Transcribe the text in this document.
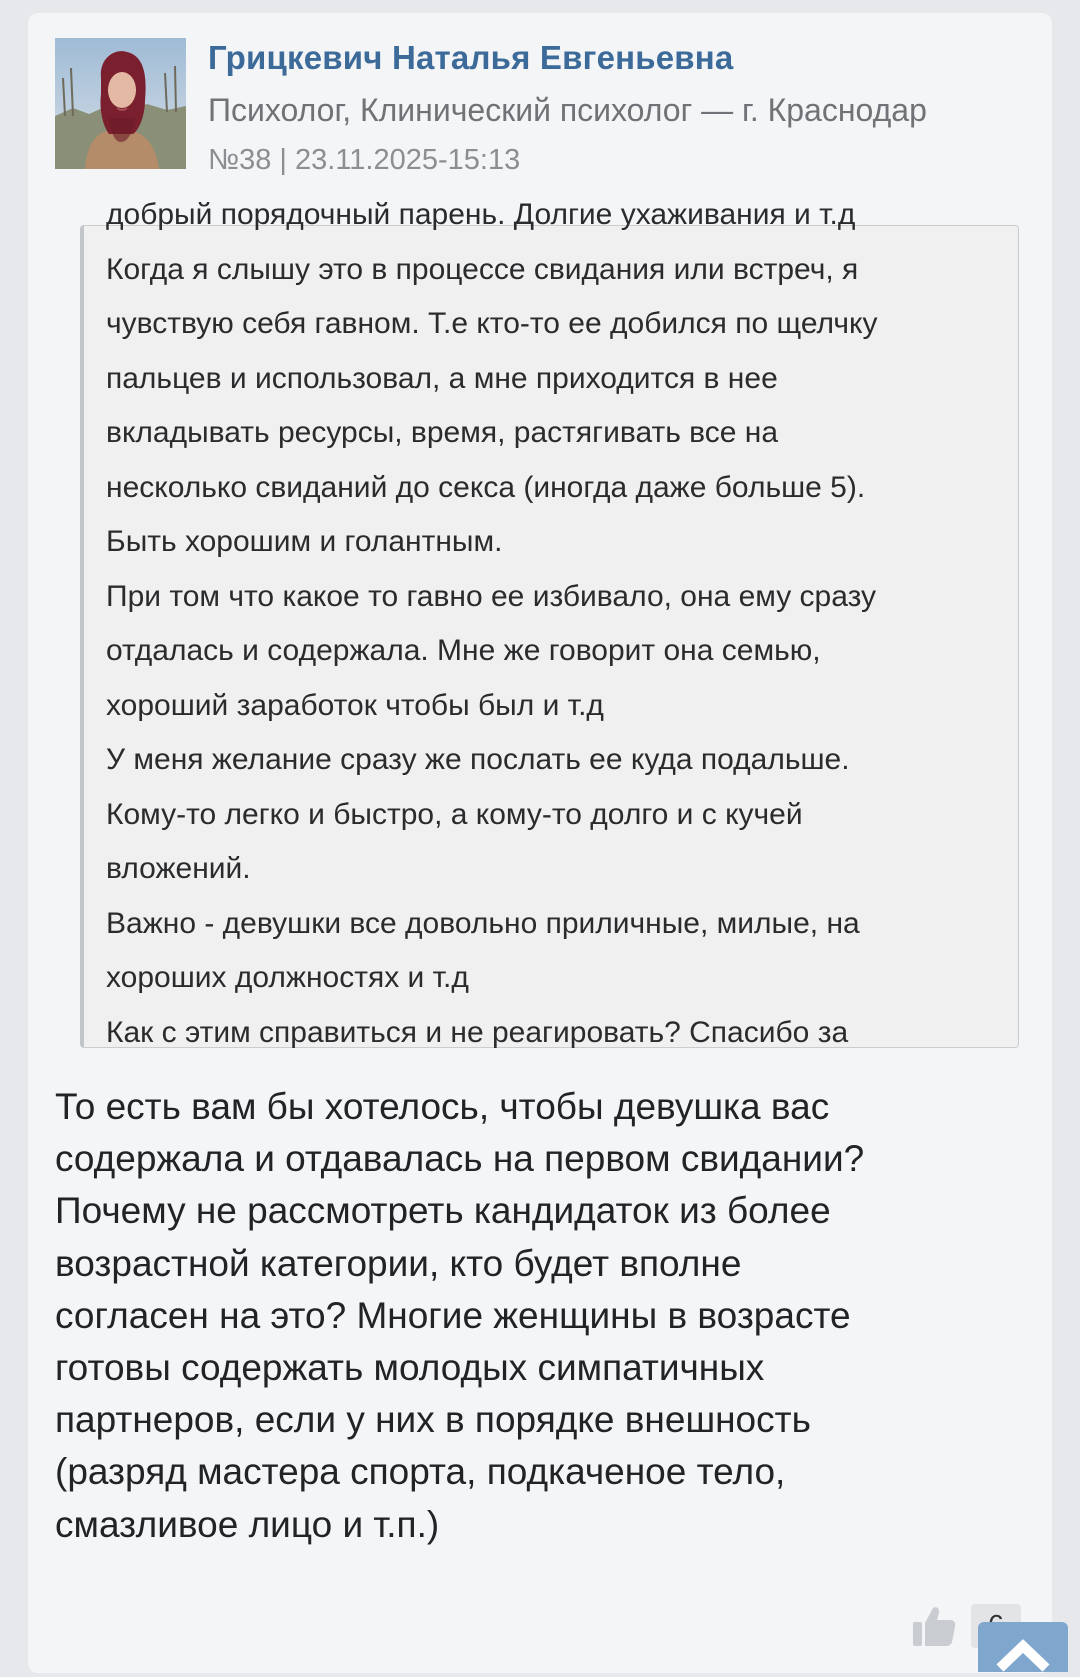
Грицкевич Наталья Евгеньевна
Психолог, Клинический психолог — г. Краснодар
№38 | 23.11.2025-15:13
добрый порядочный парень. Долгие ухаживания и т.д
Когда я слышу это в процессе свидания или встреч, я
чувствую себя гавном. Т.е кто-то ее добился по щелчку
пальцев и использовал, а мне приходится в нее
вкладывать ресурсы, время, растягивать все на
несколько свиданий до секса (иногда даже больше 5).
Быть хорошим и голантным.
При том что какое то гавно ее избивало, она ему сразу
отдалась и содержала. Мне же говорит она семью,
хороший заработок чтобы был и т.д
У меня желание сразу же послать ее куда подальше.
Кому-то легко и быстро, а кому-то долго и с кучей
вложений.
Важно - девушки все довольно приличные, милые, на
хороших должностях и т.д
Как с этим справиться и не реагировать? Спасибо за
То есть вам бы хотелось, чтобы девушка вас
содержала и отдавалась на первом свидании?
Почему не рассмотреть кандидаток из более
возрастной категории, кто будет вполне
согласен на это? Многие женщины в возрасте
готовы содержать молодых симпатичных
партнеров, если у них в порядке внешность
(разряд мастера спорта, подкаченое тело,
смазливое лицо и т.п.)
